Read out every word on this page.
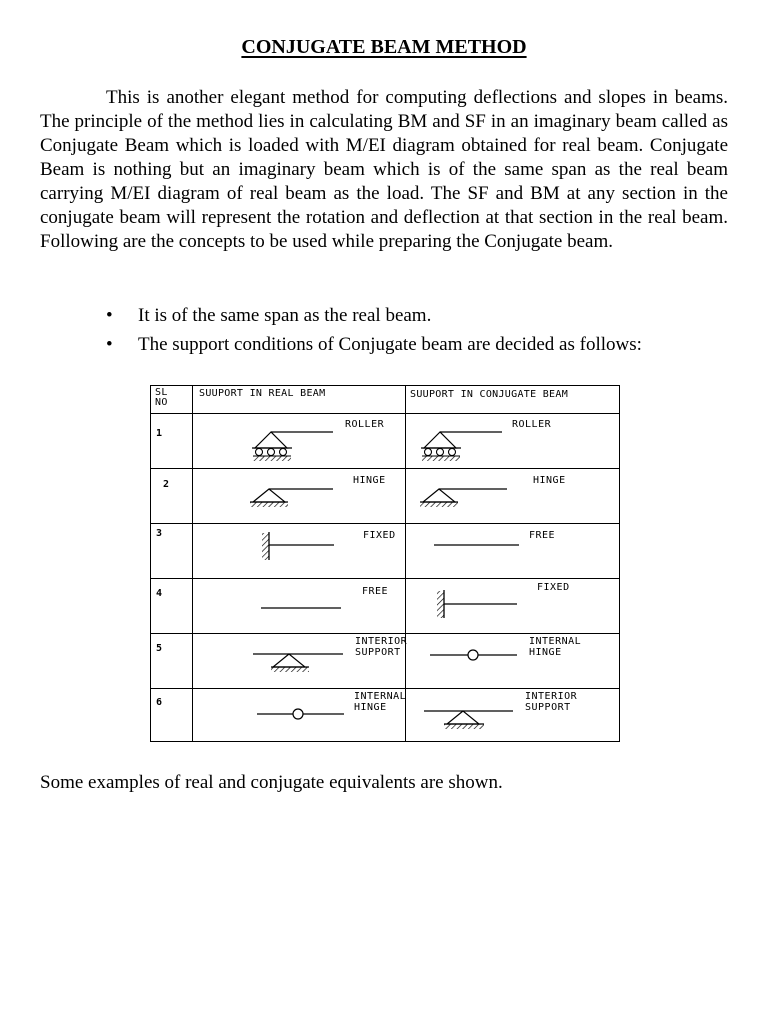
CONJUGATE BEAM METHOD

This is another elegant method for computing deflections and slopes in beams. The principle of the method lies in calculating BM and SF in an imaginary beam called as Conjugate Beam which is loaded with M/EI diagram obtained for real beam. Conjugate Beam is nothing but an imaginary beam which is of the same span as the real beam carrying M/EI diagram of real beam as the load. The SF and BM at any section in the conjugate beam will represent the rotation and deflection at that section in the real beam. Following are the concepts to be used while preparing the Conjugate beam.

• It is of the same span as the real beam.
• The support conditions of Conjugate beam are decided as follows:
SL NO	SUUPORT IN REAL BEAM	SUUPORT IN CONJUGATE BEAM

1	ROLLER	ROLLER

2	HINGE	HINGE

3	FIXED	FREE

4	FREE	FIXED

5	INTERIOR SUPPORT	INTERNAL HINGE

6	INTERNAL HINGE	INTERIOR SUPPORT

Some examples of real and conjugate equivalents are shown.
